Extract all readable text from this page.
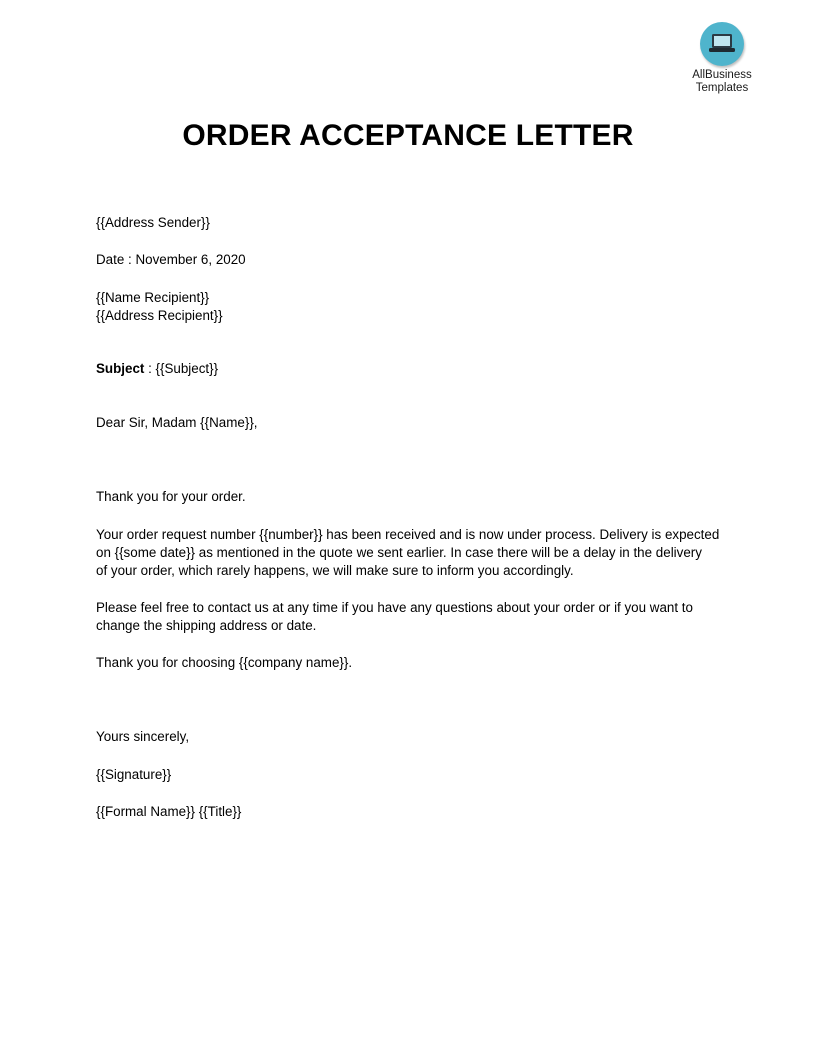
AllBusiness
Templates
ORDER ACCEPTANCE LETTER
{{Address Sender}}
Date : November 6, 2020
{{Name Recipient}}
{{Address Recipient}}
Subject : {{Subject}}
Dear Sir, Madam {{Name}},
Thank you for your order.
Your order request number {{number}} has been received and is now under process. Delivery is expected
on {{some date}} as mentioned in the quote we sent earlier. In case there will be a delay in the delivery
of your order, which rarely happens, we will make sure to inform you accordingly.
Please feel free to contact us at any time if you have any questions about your order or if you want to
change the shipping address or date.
Thank you for choosing {{company name}}.
Yours sincerely,
{{Signature}}
{{Formal Name}} {{Title}}
